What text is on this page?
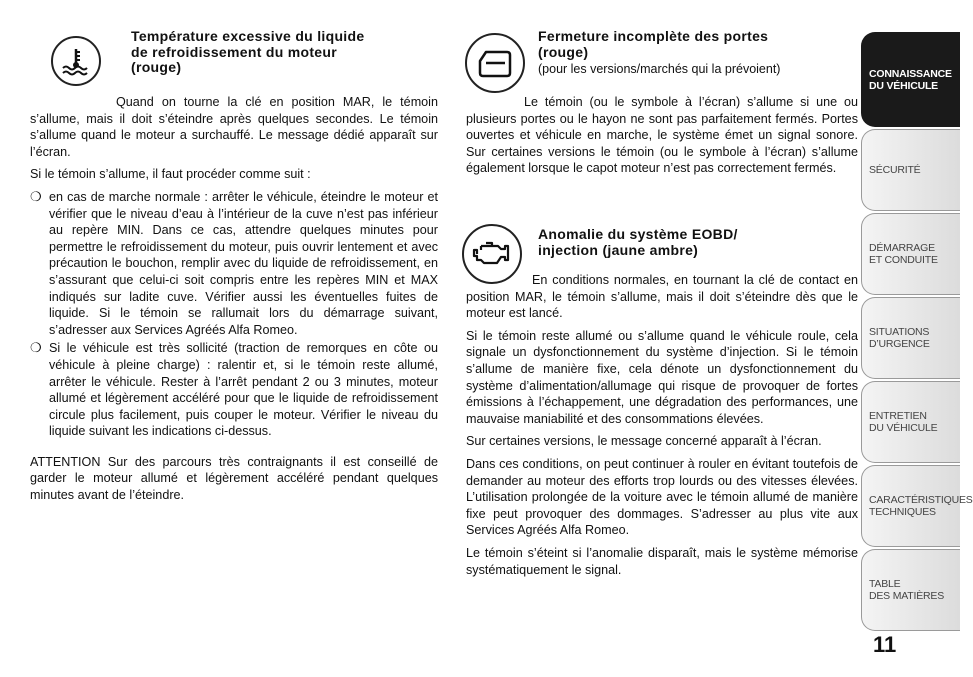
Température excessive du liquide
de refroidissement du moteur
(rouge)

Quand on tourne la clé en position MAR, le témoin s’allume, mais il doit s’éteindre après quelques secondes. Le témoin s’allume quand le moteur a surchauffé. Le message dédié apparaît sur l’écran.

Si le témoin s’allume, il faut procéder comme suit :

❍ en cas de marche normale : arrêter le véhicule, éteindre le moteur et vérifier que le niveau d’eau à l’intérieur de la cuve n’est pas inférieur au repère MIN. Dans ce cas, attendre quelques minutes pour permettre le refroidissement du moteur, puis ouvrir lentement et avec précaution le bouchon, remplir avec du liquide de refroidissement, en s’assurant que celui-ci soit compris entre les repères MIN et MAX indiqués sur ladite cuve. Vérifier aussi les éventuelles fuites de liquide. Si le témoin se rallumait lors du démarrage suivant, s’adresser aux Services Agréés Alfa Romeo.
❍ Si le véhicule est très sollicité (traction de remorques en côte ou véhicule à pleine charge) : ralentir et, si le témoin reste allumé, arrêter le véhicule. Rester à l’arrêt pendant 2 ou 3 minutes, moteur allumé et légèrement accéléré pour que le liquide de refroidissement circule plus facilement, puis couper le moteur. Vérifier le niveau du liquide suivant les indications ci-dessus.

ATTENTION Sur des parcours très contraignants il est conseillé de garder le moteur allumé et légèrement accéléré pendant quelques minutes avant de l’éteindre.

Fermeture incomplète des portes
(rouge)
(pour les versions/marchés qui la prévoient)

Le témoin (ou le symbole à l’écran) s’allume si une ou plusieurs portes ou le hayon ne sont pas parfaitement fermés. Portes ouvertes et véhicule en marche, le système émet un signal sonore. Sur certaines versions le témoin (ou le symbole à l’écran) s’allume également lorsque le capot moteur n’est pas correctement fermés.

Anomalie du système EOBD/
injection (jaune ambre)

En conditions normales, en tournant la clé de contact en position MAR, le témoin s’allume, mais il doit s’éteindre dès que le moteur est lancé.

Si le témoin reste allumé ou s’allume quand le véhicule roule, cela signale un dysfonctionnement du système d’injection. Si le témoin s’allume de manière fixe, cela dénote un dysfonctionnement du système d’alimentation/allumage qui risque de provoquer de fortes émissions à l’échappement, une dégradation des performances, une mauvaise maniabilité et des consommations élevées.

Sur certaines versions, le message concerné apparaît à l’écran.

Dans ces conditions, on peut continuer à rouler en évitant toutefois de demander au moteur des efforts trop lourds ou des vitesses élevées. L’utilisation prolongée de la voiture avec le témoin allumé de manière fixe peut provoquer des dommages. S’adresser au plus vite aux Services Agréés Alfa Romeo.

Le témoin s’éteint si l’anomalie disparaît, mais le système mémorise systématiquement le signal.

CONNAISSANCE
DU VÉHICULE
SÉCURITÉ
DÉMARRAGE
ET CONDUITE
SITUATIONS
D’URGENCE
ENTRETIEN
DU VÉHICULE
CARACTÉRISTIQUES
TECHNIQUES
TABLE
DES MATIÈRES
11
